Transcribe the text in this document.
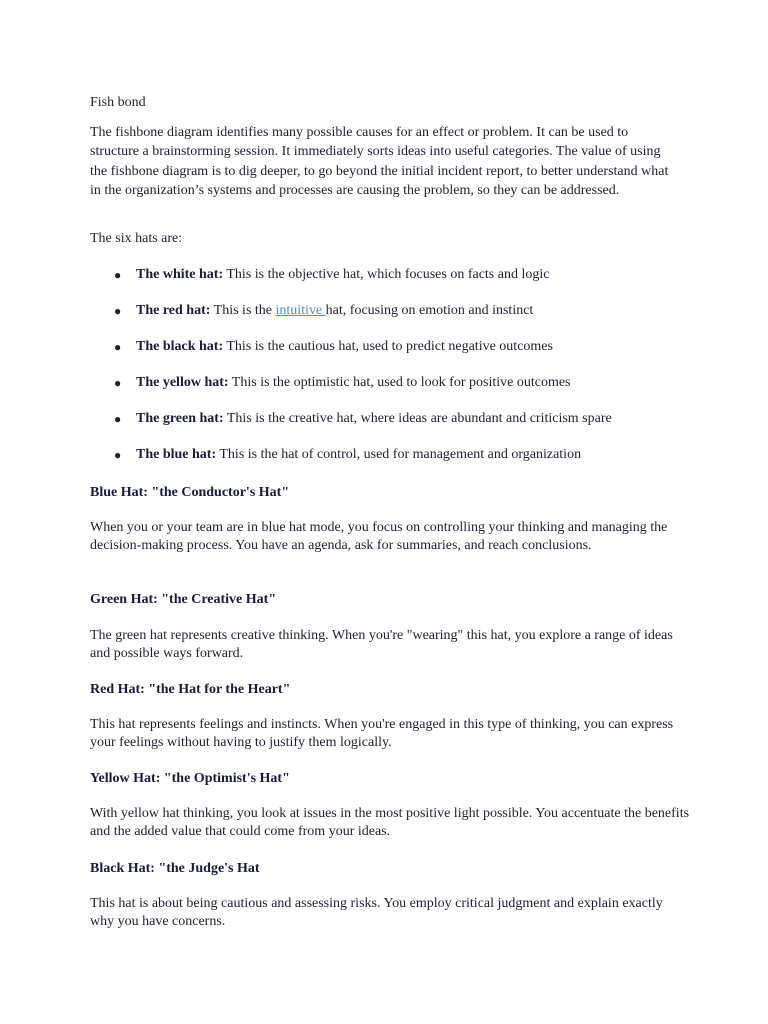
Fish bond
The fishbone diagram identifies many possible causes for an effect or problem. It can be used to structure a brainstorming session. It immediately sorts ideas into useful categories. The value of using the fishbone diagram is to dig deeper, to go beyond the initial incident report, to better understand what in the organization’s systems and processes are causing the problem, so they can be addressed.
The six hats are:
● The white hat: This is the objective hat, which focuses on facts and logic
● The red hat: This is the intuitive hat, focusing on emotion and instinct
● The black hat: This is the cautious hat, used to predict negative outcomes
● The yellow hat: This is the optimistic hat, used to look for positive outcomes
● The green hat: This is the creative hat, where ideas are abundant and criticism spare
● The blue hat: This is the hat of control, used for management and organization
Blue Hat: "the Conductor's Hat"
When you or your team are in blue hat mode, you focus on controlling your thinking and managing the decision-making process. You have an agenda, ask for summaries, and reach conclusions.
Green Hat: "the Creative Hat"
The green hat represents creative thinking. When you're "wearing" this hat, you explore a range of ideas and possible ways forward.
Red Hat: "the Hat for the Heart"
This hat represents feelings and instincts. When you're engaged in this type of thinking, you can express your feelings without having to justify them logically.
Yellow Hat: "the Optimist's Hat"
With yellow hat thinking, you look at issues in the most positive light possible. You accentuate the benefits and the added value that could come from your ideas.
Black Hat: "the Judge's Hat
This hat is about being cautious and assessing risks. You employ critical judgment and explain exactly why you have concerns.
